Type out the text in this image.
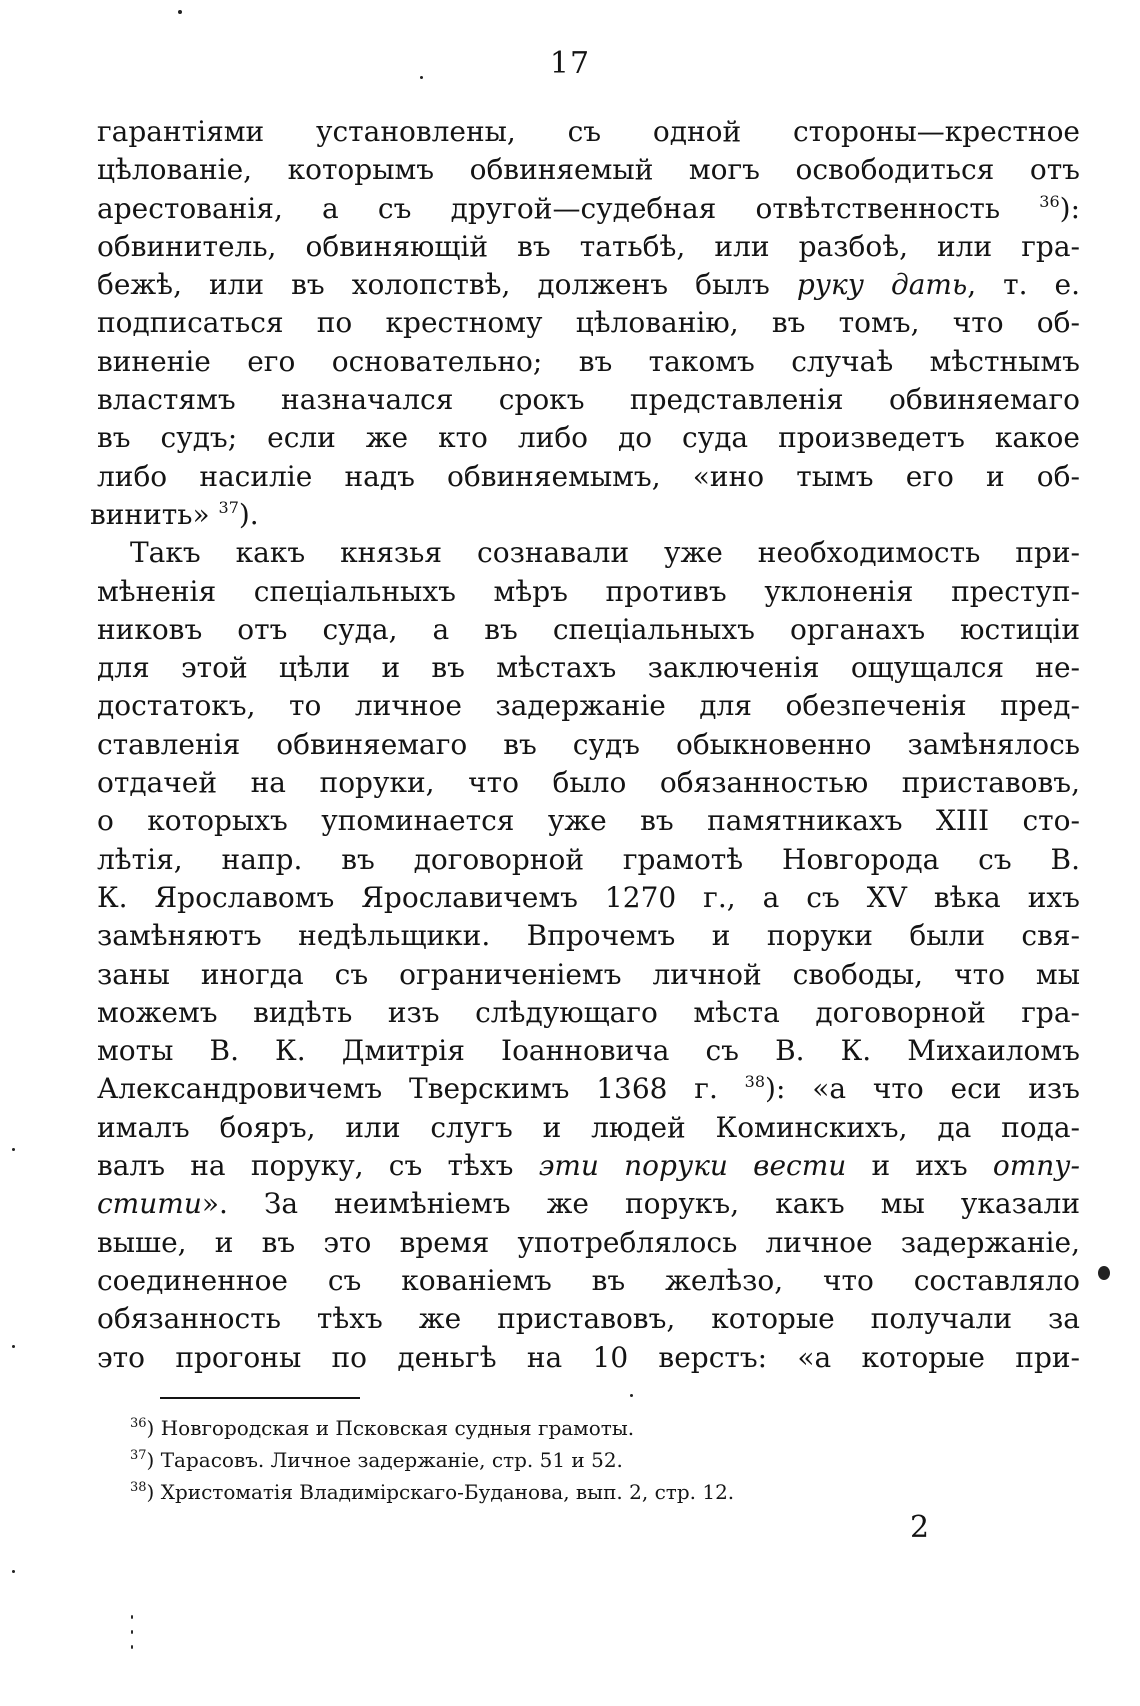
17
гарантіями установлены, съ одной стороны—крестное
цѣлованіе, которымъ обвиняемый могъ освободиться отъ
арестованія, а съ другой—судебная отвѣтственность $^{36}$):
обвинитель, обвиняющій въ татьбѣ, или разбоѣ, или гра-
бежѣ, или въ холопствѣ, долженъ былъ руку дать, т. е.
подписаться по крестному цѣлованію, въ томъ, что об-
виненіе его основательно; въ такомъ случаѣ мѣстнымъ
властямъ назначался срокъ представленія обвиняемаго
въ судъ; если же кто либо до суда произведетъ какое
либо насиліе надъ обвиняемымъ, «ино тымъ его и об-
винить» $^{37}$).
Такъ какъ князья сознавали уже необходимость при-
мѣненія спеціальныхъ мѣръ противъ уклоненія преступ-
никовъ отъ суда, а въ спеціальныхъ органахъ юстиціи
для этой цѣли и въ мѣстахъ заключенія ощущался не-
достатокъ, то личное задержаніе для обезпеченія пред-
ставленія обвиняемаго въ судъ обыкновенно замѣнялось
отдачей на поруки, что было обязанностью приставовъ,
о которыхъ упоминается уже въ памятникахъ XIII сто-
лѣтія, напр. въ договорной грамотѣ Новгорода съ В.
К. Ярославомъ Ярославичемъ 1270 г., а съ XV вѣка ихъ
замѣняютъ недѣльщики. Впрочемъ и поруки были свя-
заны иногда съ ограниченіемъ личной свободы, что мы
можемъ видѣть изъ слѣдующаго мѣста договорной гра-
моты В. К. Дмитрія Іоанновича съ В. К. Михаиломъ
Александровичемъ Тверскимъ 1368 г. $^{38}$): «а что еси изъ
ималъ бояръ, или слугъ и людей Коминскихъ, да пода-
валъ на поруку, съ тѣхъ эти поруки вести и ихъ отпу-
стити». За неимѣніемъ же порукъ, какъ мы указали
выше, и въ это время употреблялось личное задержаніе,
соединенное съ кованіемъ въ желѣзо, что составляло
обязанность тѣхъ же приставовъ, которые получали за
это прогоны по деньгѣ на 10 верстъ: «а которые при-
$^{36}$) Новгородская и Псковская судныя грамоты.
$^{37}$) Тарасовъ. Личное задержаніе, стр. 51 и 52.
$^{38}$) Христоматія Владимірскаго-Буданова, вып. 2, стр. 12.
2
